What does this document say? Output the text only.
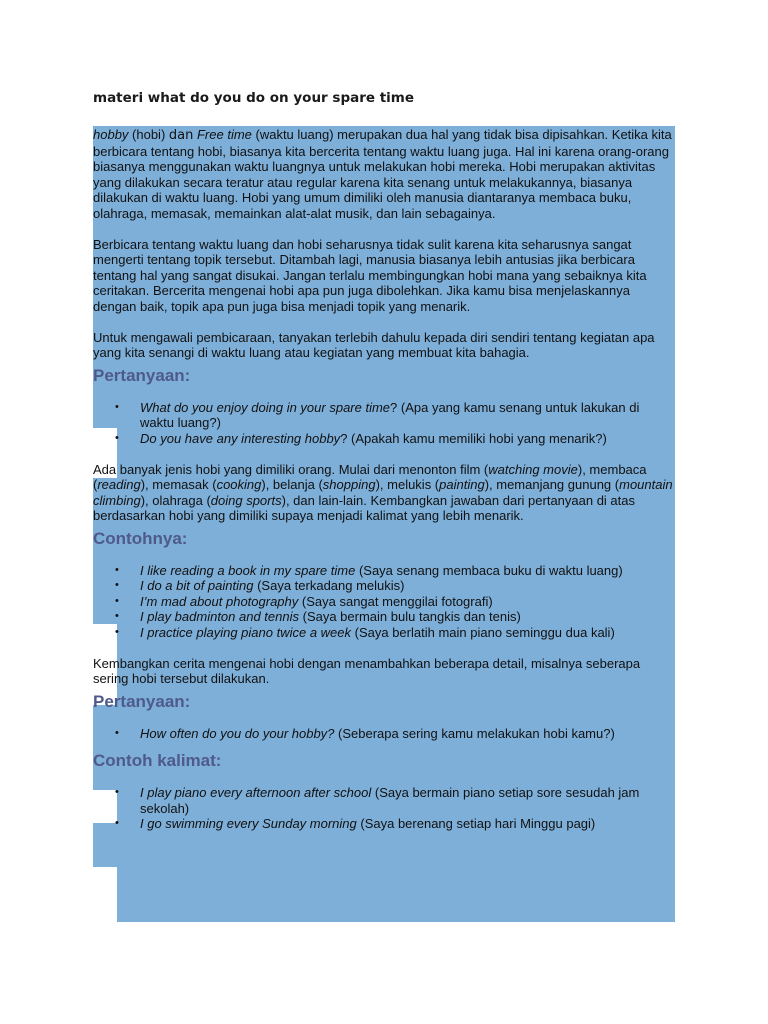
materi what do you do on your spare time

hobby (hobi) dan Free time (waktu luang) merupakan dua hal yang tidak bisa dipisahkan. Ketika kita berbicara tentang hobi, biasanya kita bercerita tentang waktu luang juga. Hal ini karena orang-orang biasanya menggunakan waktu luangnya untuk melakukan hobi mereka. Hobi merupakan aktivitas yang dilakukan secara teratur atau regular karena kita senang untuk melakukannya, biasanya dilakukan di waktu luang. Hobi yang umum dimiliki oleh manusia diantaranya membaca buku, olahraga, memasak, memainkan alat-alat musik, dan lain sebagainya.

Berbicara tentang waktu luang dan hobi seharusnya tidak sulit karena kita seharusnya sangat mengerti tentang topik tersebut. Ditambah lagi, manusia biasanya lebih antusias jika berbicara tentang hal yang sangat disukai. Jangan terlalu membingungkan hobi mana yang sebaiknya kita ceritakan. Bercerita mengenai hobi apa pun juga dibolehkan. Jika kamu bisa menjelaskannya dengan baik, topik apa pun juga bisa menjadi topik yang menarik.

Untuk mengawali pembicaraan, tanyakan terlebih dahulu kepada diri sendiri tentang kegiatan apa yang kita senangi di waktu luang atau kegiatan yang membuat kita bahagia.

Pertanyaan:
• What do you enjoy doing in your spare time? (Apa yang kamu senang untuk lakukan di waktu luang?)
• Do you have any interesting hobby? (Apakah kamu memiliki hobi yang menarik?)

Ada banyak jenis hobi yang dimiliki orang. Mulai dari menonton film (watching movie), membaca (reading), memasak (cooking), belanja (shopping), melukis (painting), memanjang gunung (mountain climbing), olahraga (doing sports), dan lain-lain. Kembangkan jawaban dari pertanyaan di atas berdasarkan hobi yang dimiliki supaya menjadi kalimat yang lebih menarik.

Contohnya:
• I like reading a book in my spare time (Saya senang membaca buku di waktu luang)
• I do a bit of painting (Saya terkadang melukis)
• I’m mad about photography (Saya sangat menggilai fotografi)
• I play badminton and tennis (Saya bermain bulu tangkis dan tenis)
• I practice playing piano twice a week (Saya berlatih main piano seminggu dua kali)

Kembangkan cerita mengenai hobi dengan menambahkan beberapa detail, misalnya seberapa sering hobi tersebut dilakukan.

Pertanyaan:
• How often do you do your hobby? (Seberapa sering kamu melakukan hobi kamu?)
Contoh kalimat:
• I play piano every afternoon after school (Saya bermain piano setiap sore sesudah jam sekolah)
• I go swimming every Sunday morning (Saya berenang setiap hari Minggu pagi)
